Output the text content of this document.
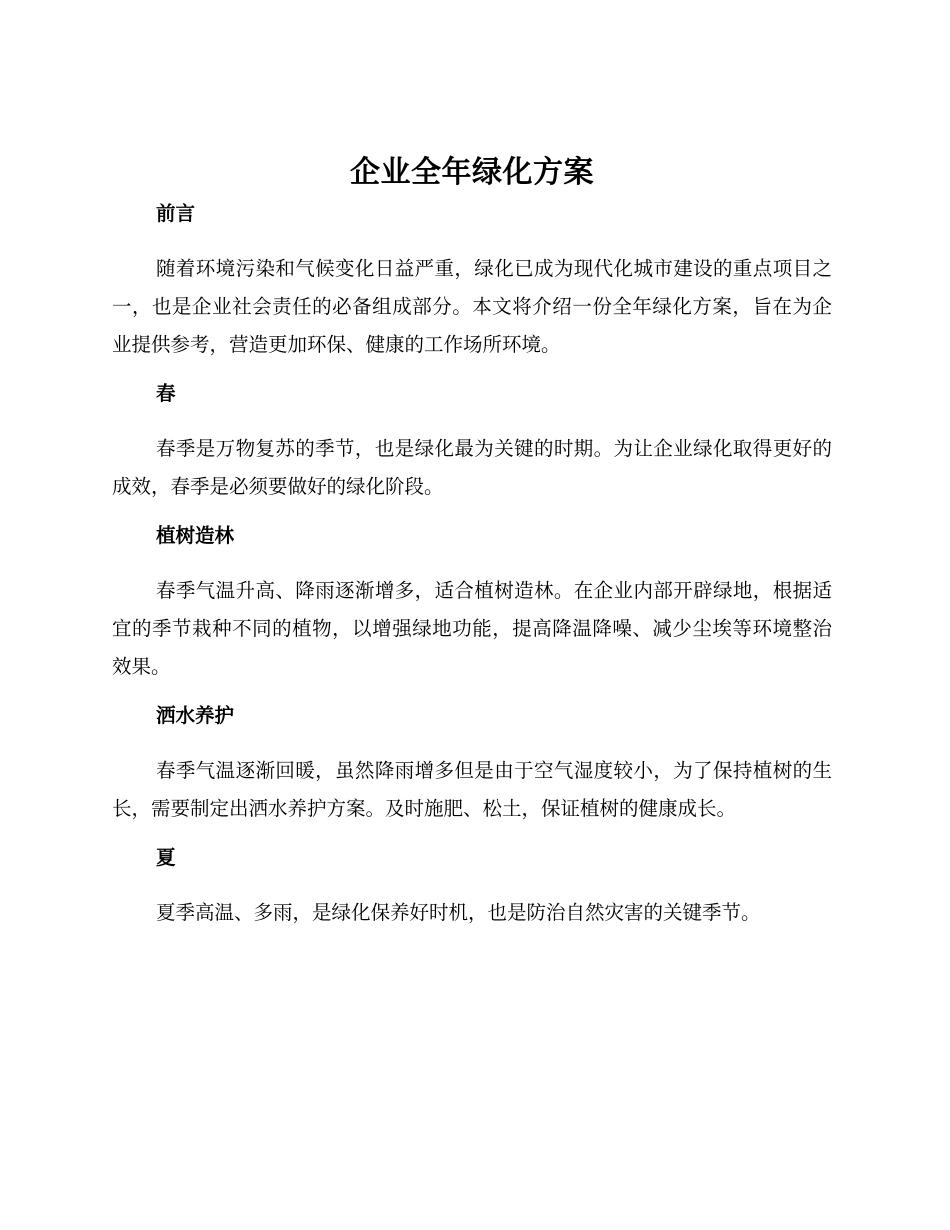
企业全年绿化方案
前言

随着环境污染和气候变化日益严重，绿化已成为现代化城市建设的重点项目之一，也是企业社会责任的必备组成部分。本文将介绍一份全年绿化方案，旨在为企业提供参考，营造更加环保、健康的工作场所环境。

春

春季是万物复苏的季节，也是绿化最为关键的时期。为让企业绿化取得更好的成效，春季是必须要做好的绿化阶段。

植树造林

春季气温升高、降雨逐渐增多，适合植树造林。在企业内部开辟绿地，根据适宜的季节栽种不同的植物，以增强绿地功能，提高降温降噪、减少尘埃等环境整治效果。

洒水养护

春季气温逐渐回暖，虽然降雨增多但是由于空气湿度较小，为了保持植树的生长，需要制定出洒水养护方案。及时施肥、松土，保证植树的健康成长。

夏

夏季高温、多雨，是绿化保养好时机，也是防治自然灾害的关键季节。
